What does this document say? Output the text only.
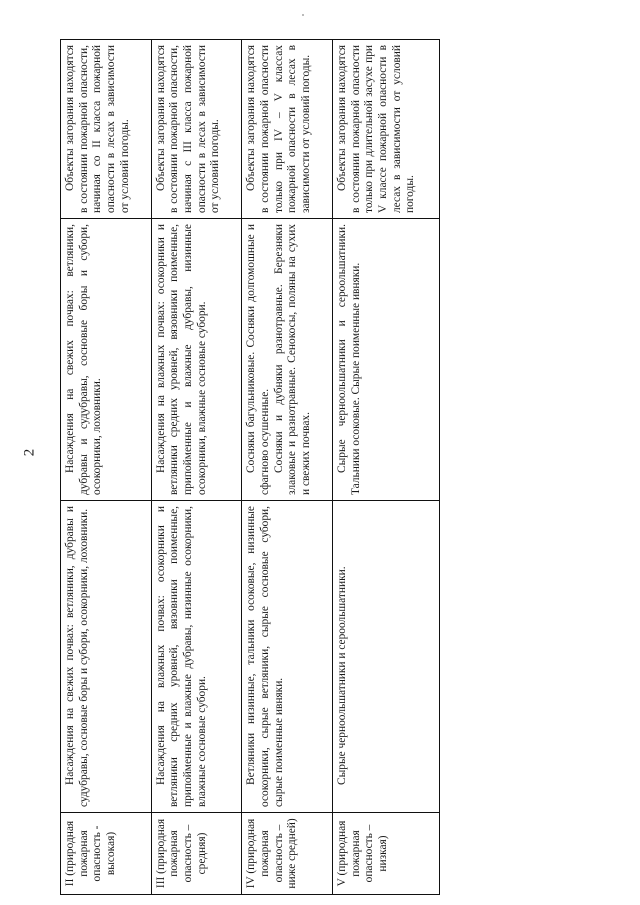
2
II (природная пожарная опасность - высокая)	Насаждения на свежих почвах: ветляники, дубравы и судубравы, сосновые боры и субори, осокорники, лоховники.	Насаждения на свежих почвах: ветляники, дубравы и судубравы, сосновые боры и субори, осокорники, лоховники.	Объекты загорания находятся в состоянии пожарной опасности, начиная со II класса пожарной опасности в лесах в зависимости от условий погоды.

III (природная пожарная опасность – средняя)	Насаждения на влажных почвах: осокорники и ветляники средних уровней, вязовники поименные, припойменные и влажные дубравы, низинные осокорники, влажные сосновые субори.	Насаждения на влажных почвах: осокорники и ветляники средних уровней, вязовники поименные, припойменные и влажные дубравы, низинные осокорники, влажные сосновые субори.	Объекты загорания находятся в состоянии пожарной опасности, начиная с III класса пожарной опасности в лесах в зависимости от условий погоды.

IV (природная пожарная опасность – ниже средней)	Ветляники низинные, тальники осоковые, низинные осокорники, сырые ветляники, сырые сосновые субори, сырые поименные ивняки.	Сосняки багульниковые. Сосняки долгомошные и сфагново осушенные. Сосняки и дубняки разнотравные. Березняки злаковые и разнотравные. Сенокосы, поляны на сухих и свежих почвах.	Объекты загорания находятся в состоянии пожарной опасности только при IV – V классах пожарной опасности в лесах в зависимости от условий погоды.

V (природная пожарная опасность – низкая)	Сырые черноольшатники и сероольшатники.	Сырые черноольшатники и сероольшатники. Тальники осоковые. Сырые поименные ивняки.	Объекты загорания находятся в состоянии пожарной опасности только при длительной засухе при V классе пожарной опасности в лесах в зависимости от условий погоды.
